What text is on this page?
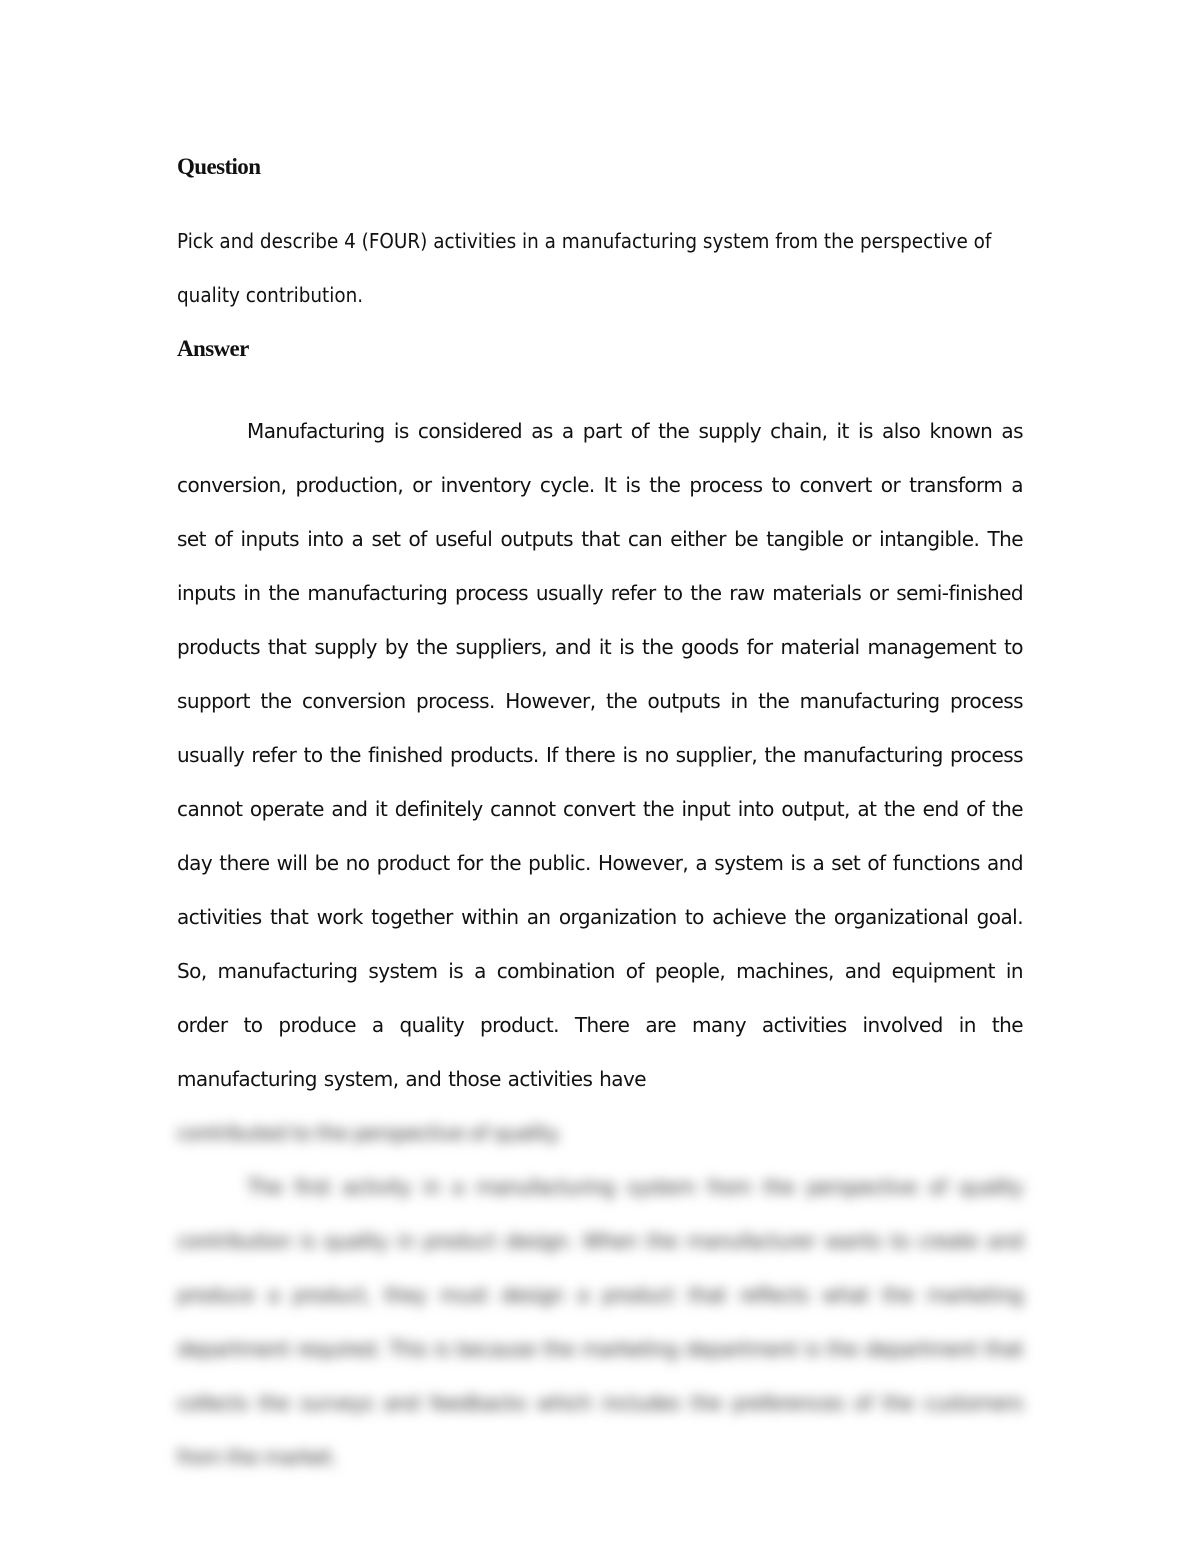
Question
Pick and describe 4 (FOUR) activities in a manufacturing system from the perspective of
quality contribution.
Answer

Manufacturing is considered as a part of the supply chain, it is also known as conversion, production, or inventory cycle. It is the process to convert or transform a set of inputs into a set of useful outputs that can either be tangible or intangible. The inputs in the manufacturing process usually refer to the raw materials or semi-finished products that supply by the suppliers, and it is the goods for material management to support the conversion process. However, the outputs in the manufacturing process usually refer to the finished products. If there is no supplier, the manufacturing process cannot operate and it definitely cannot convert the input into output, at the end of the day there will be no product for the public. However, a system is a set of functions and activities that work together within an organization to achieve the organizational goal. So, manufacturing system is a combination of people, machines, and equipment in order to produce a quality product. There are many activities involved in the manufacturing system, and those activities have

contributed to the perspective of quality.

The first activity in a manufacturing system from the perspective of quality contribution is quality in product design. When the manufacturer wants to create and produce a product, they must design a product that reflects what the marketing department required. This is because the marketing department is the department that collects the surveys and feedbacks which includes the preferences of the customers from the market.
